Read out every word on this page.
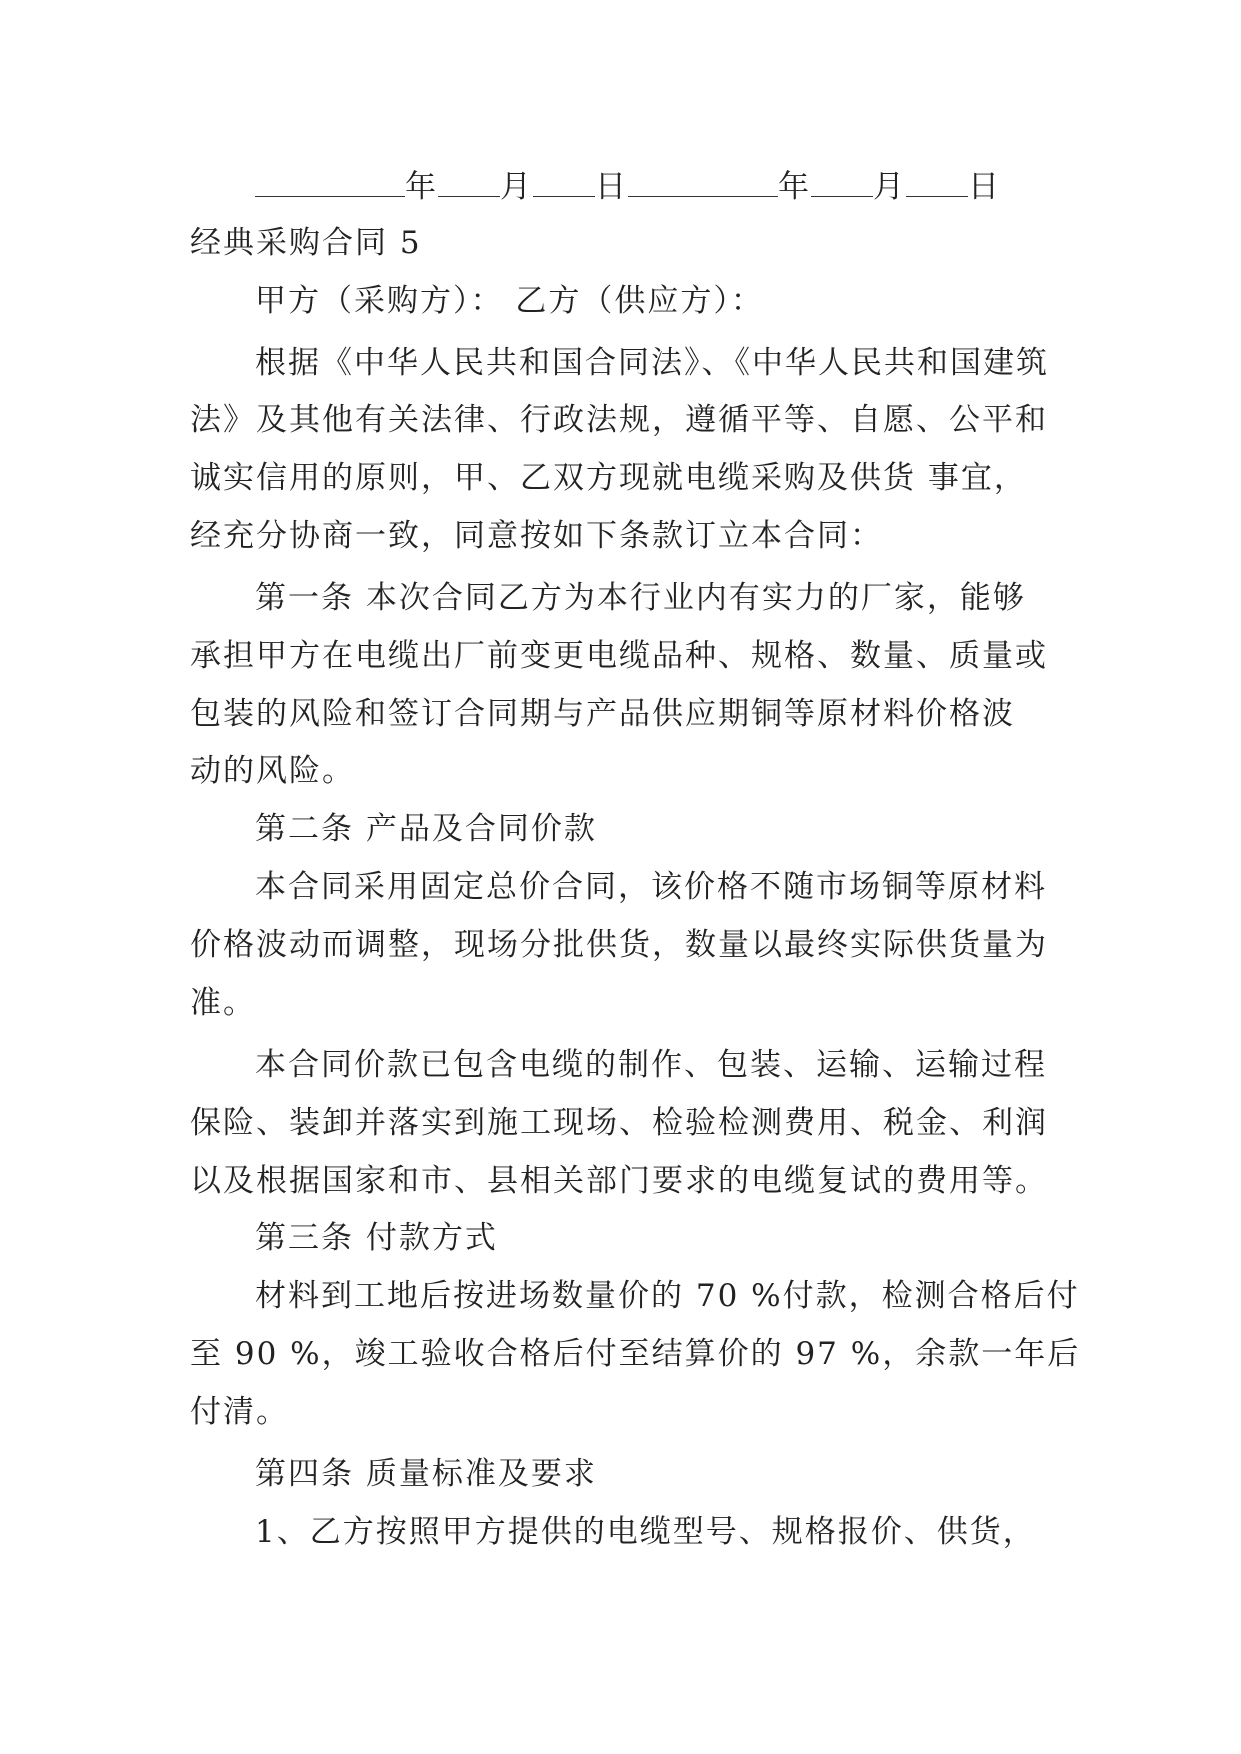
年 月 日	年 月 日
经典采购合同 5
甲方（采购方）： 乙方（供应方）：
根据《中华人民共和国合同法》、《中华人民共和国建筑
法》及其他有关法律、行政法规，遵循平等、自愿、公平和
诚实信用的原则，甲、乙双方现就电缆采购及供货 事宜，
经充分协商一致，同意按如下条款订立本合同：
第一条 本次合同乙方为本行业内有实力的厂家，能够
承担甲方在电缆出厂前变更电缆品种、规格、数量、质量或
包装的风险和签订合同期与产品供应期铜等原材料价格波
动的风险。
第二条 产品及合同价款
本合同采用固定总价合同，该价格不随市场铜等原材料
价格波动而调整，现场分批供货，数量以最终实际供货量为
准。
本合同价款已包含电缆的制作、包装、运输、运输过程
保险、装卸并落实到施工现场、检验检测费用、税金、利润
以及根据国家和市、县相关部门要求的电缆复试的费用等。
第三条 付款方式
材料到工地后按进场数量价的 70 %付款，检测合格后付
至 90 %，竣工验收合格后付至结算价的 97 %，余款一年后
付清。
第四条 质量标准及要求
1、乙方按照甲方提供的电缆型号、规格报价、供货，
